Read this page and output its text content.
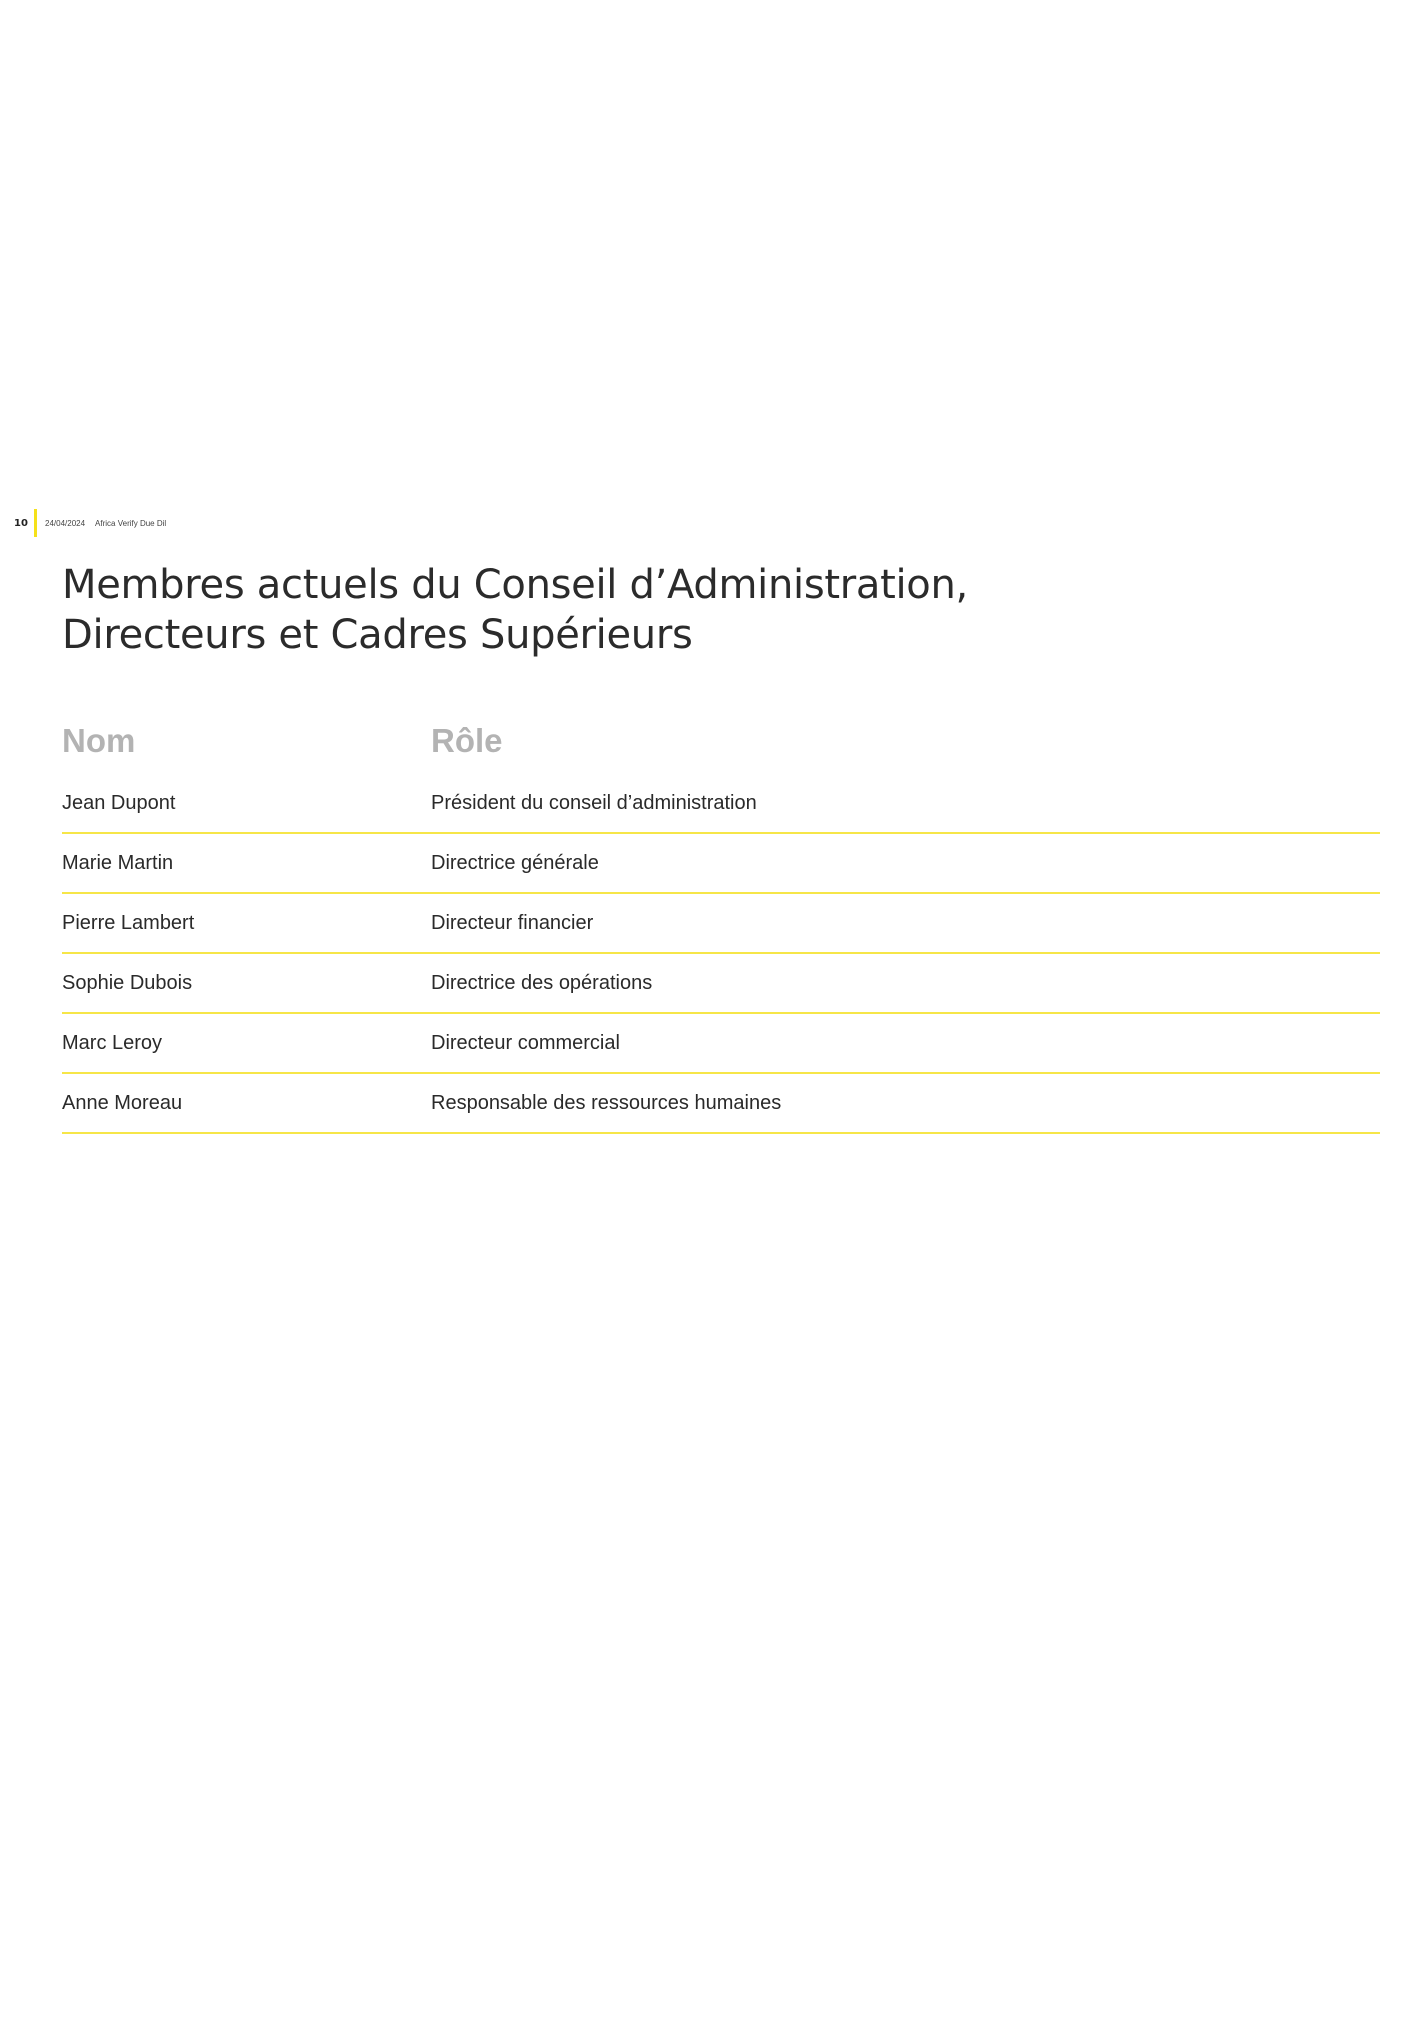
10	24/04/2024 Africa Verify Due Dil
Membres actuels du Conseil d’Administration,
Directeurs et Cadres Supérieurs
Nom	Rôle
Jean Dupont	Président du conseil d’administration
Marie Martin	Directrice générale
Pierre Lambert	Directeur financier
Sophie Dubois	Directrice des opérations
Marc Leroy	Directeur commercial
Anne Moreau	Responsable des ressources humaines
